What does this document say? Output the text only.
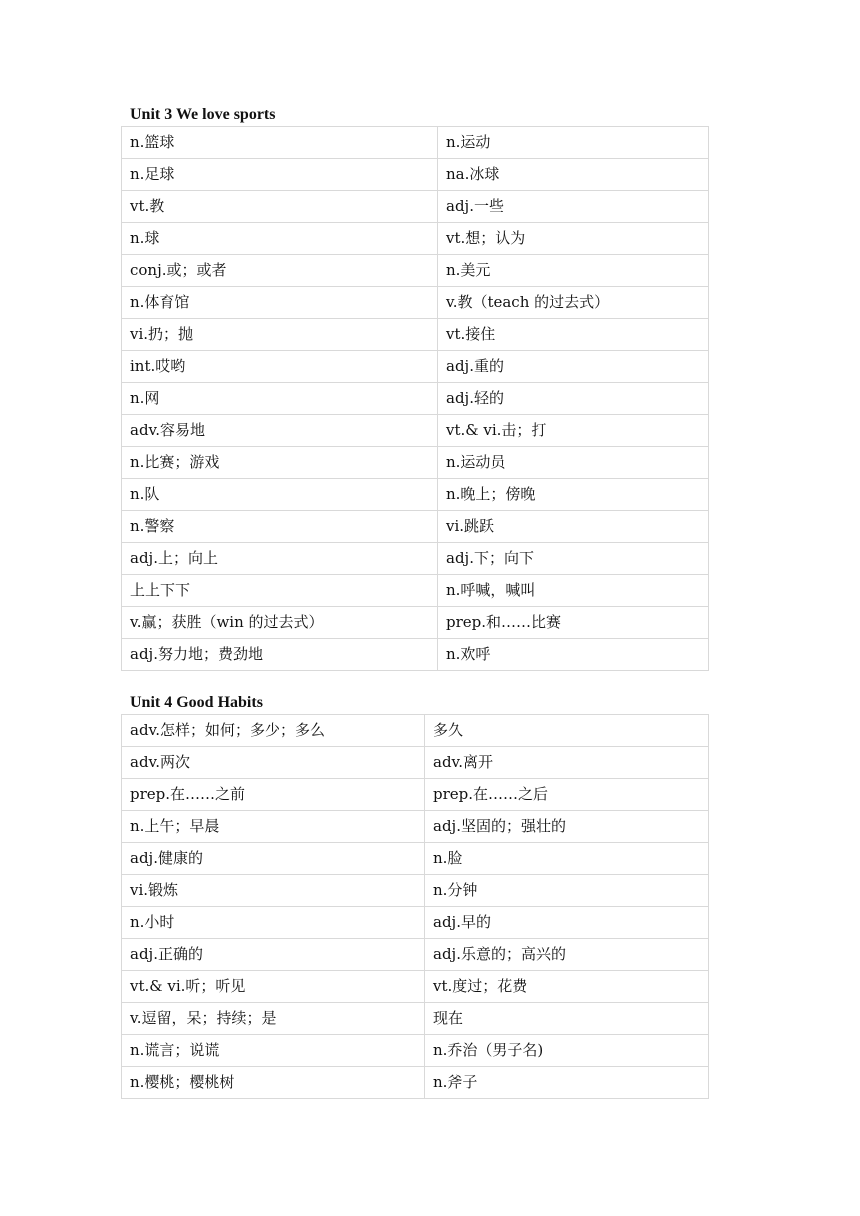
Unit 3 We love sports
n.篮球	n.运动
n.足球	na.冰球
vt.教	adj.一些
n.球	vt.想；认为
conj.或；或者	n.美元
n.体育馆	v.教（teach 的过去式）
vi.扔；抛	vt.接住
int.哎哟	adj.重的
n.网	adj.轻的
adv.容易地	vt.& vi.击；打
n.比赛；游戏	n.运动员
n.队	n.晚上；傍晚
n.警察	vi.跳跃
adj.上；向上	adj.下；向下
上上下下	n.呼喊，喊叫
v.赢；获胜（win 的过去式）	prep.和……比赛
adj.努力地；费劲地	n.欢呼
Unit 4 Good Habits
adv.怎样；如何；多少；多么	多久
adv.两次	adv.离开
prep.在……之前	prep.在……之后
n.上午；早晨	adj.坚固的；强壮的
adj.健康的	n.脸
vi.锻炼	n.分钟
n.小时	adj.早的
adj.正确的	adj.乐意的；高兴的
vt.& vi.听；听见	vt.度过；花费
v.逗留，呆；持续；是	现在
n.谎言；说谎	n.乔治（男子名)
n.樱桃；樱桃树	n.斧子
